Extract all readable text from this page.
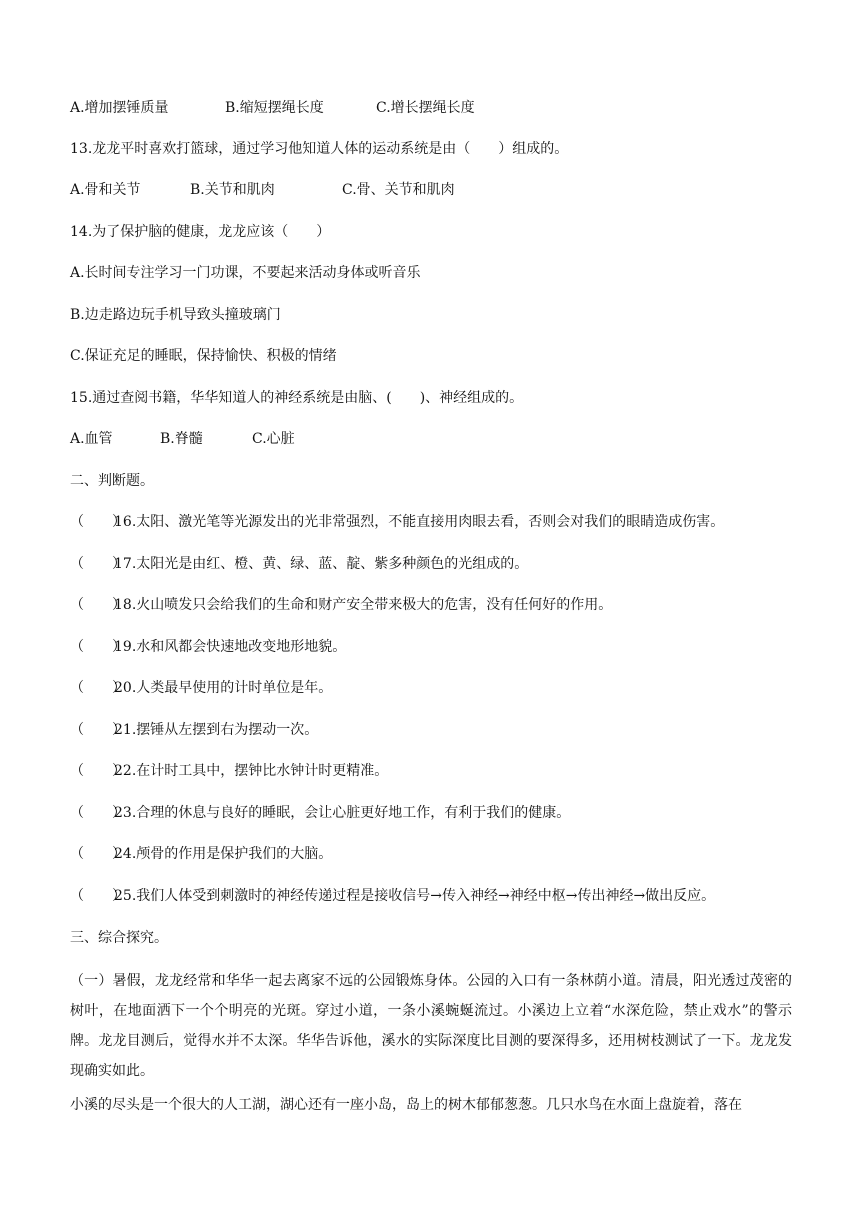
A.增加摆锤质量	B.缩短摆绳长度	C.增长摆绳长度
13.龙龙平时喜欢打篮球，通过学习他知道人体的运动系统是由（　　）组成的。
A.骨和关节	B.关节和肌肉	C.骨、关节和肌肉
14.为了保护脑的健康，龙龙应该（　　）
A.长时间专注学习一门功课，不要起来活动身体或听音乐
B.边走路边玩手机导致头撞玻璃门
C.保证充足的睡眠，保持愉快、积极的情绪
15.通过查阅书籍，华华知道人的神经系统是由脑、(　　)、神经组成的。
A.血管	B.脊髓	C.心脏
二、判断题。
（　　）16.太阳、激光笔等光源发出的光非常强烈，不能直接用肉眼去看，否则会对我们的眼睛造成伤害。
（　　）17.太阳光是由红、橙、黄、绿、蓝、靛、紫多种颜色的光组成的。
（　　）18.火山喷发只会给我们的生命和财产安全带来极大的危害，没有任何好的作用。
（　　）19.水和风都会快速地改变地形地貌。
（　　）20.人类最早使用的计时单位是年。
（　　）21.摆锤从左摆到右为摆动一次。
（　　）22.在计时工具中，摆钟比水钟计时更精准。
（　　）23.合理的休息与良好的睡眠，会让心脏更好地工作，有利于我们的健康。
（　　）24.颅骨的作用是保护我们的大脑。
（　　）25.我们人体受到刺激时的神经传递过程是接收信号→传入神经→神经中枢→传出神经→做出反应。
三、综合探究。
（一）暑假，龙龙经常和华华一起去离家不远的公园锻炼身体。公园的入口有一条林荫小道。清晨，阳光透过茂密的树叶，在地面洒下一个个明亮的光斑。穿过小道，一条小溪蜿蜒流过。小溪边上立着“水深危险，禁止戏水”的警示牌。龙龙目测后，觉得水并不太深。华华告诉他，溪水的实际深度比目测的要深得多，还用树枝测试了一下。龙龙发现确实如此。
小溪的尽头是一个很大的人工湖，湖心还有一座小岛，岛上的树木郁郁葱葱。几只水鸟在水面上盘旋着，落在
